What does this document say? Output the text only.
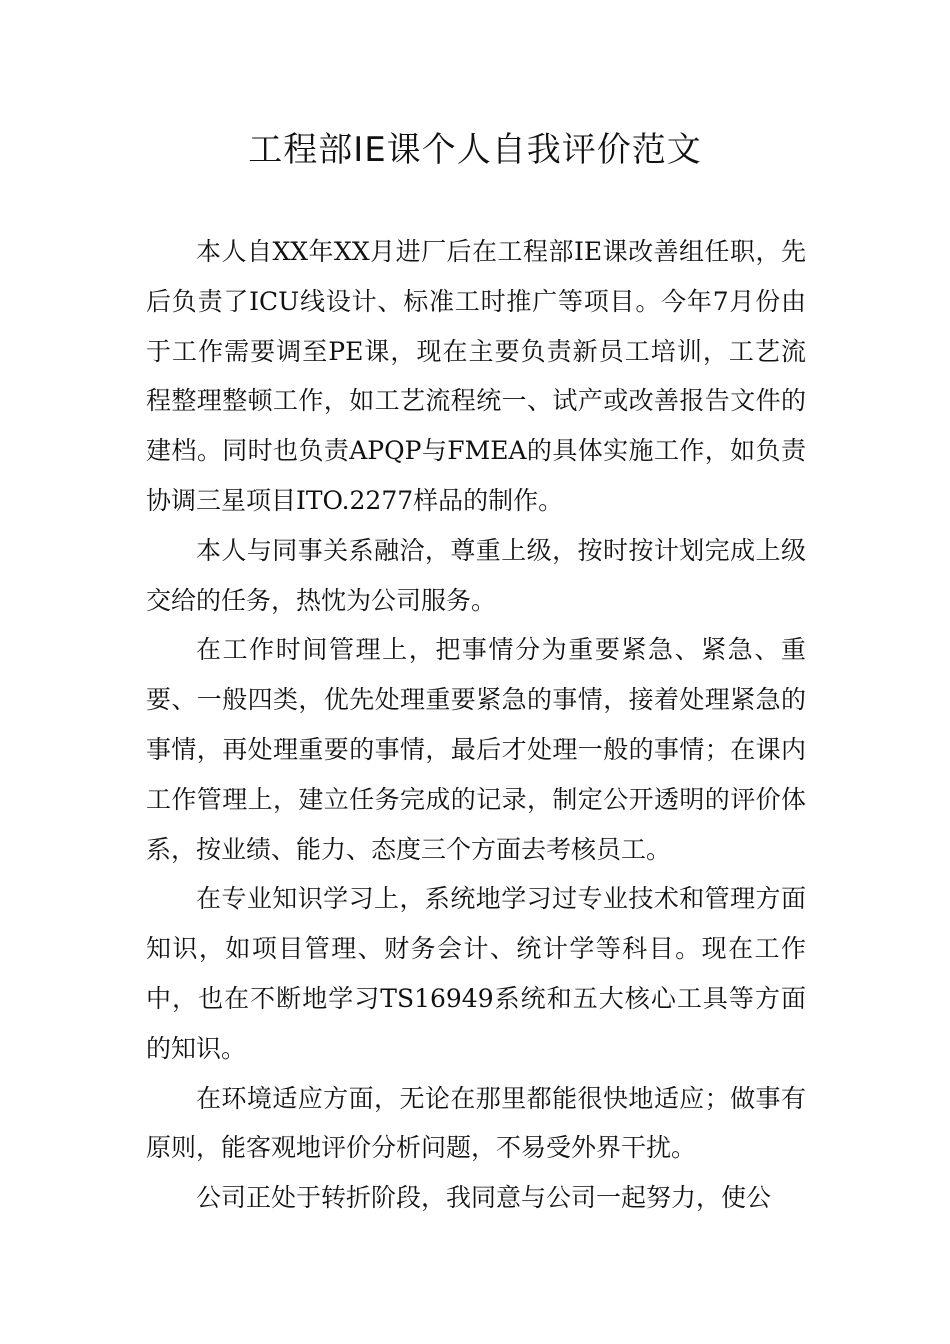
工程部IE课个人自我评价范文

本人自XX年XX月进厂后在工程部IE课改善组任职，先后负责了ICU线设计、标准工时推广等项目。今年7月份由于工作需要调至PE课，现在主要负责新员工培训，工艺流程整理整顿工作，如工艺流程统一、试产或改善报告文件的建档。同时也负责APQP与FMEA的具体实施工作，如负责协调三星项目ITO.2277样品的制作。

本人与同事关系融洽，尊重上级，按时按计划完成上级交给的任务，热忱为公司服务。

在工作时间管理上，把事情分为重要紧急、紧急、重要、一般四类，优先处理重要紧急的事情，接着处理紧急的事情，再处理重要的事情，最后才处理一般的事情；在课内工作管理上，建立任务完成的记录，制定公开透明的评价体系，按业绩、能力、态度三个方面去考核员工。

在专业知识学习上，系统地学习过专业技术和管理方面知识，如项目管理、财务会计、统计学等科目。现在工作中，也在不断地学习TS16949系统和五大核心工具等方面的知识。

在环境适应方面，无论在那里都能很快地适应；做事有原则，能客观地评价分析问题，不易受外界干扰。

公司正处于转折阶段，我同意与公司一起努力，使公
